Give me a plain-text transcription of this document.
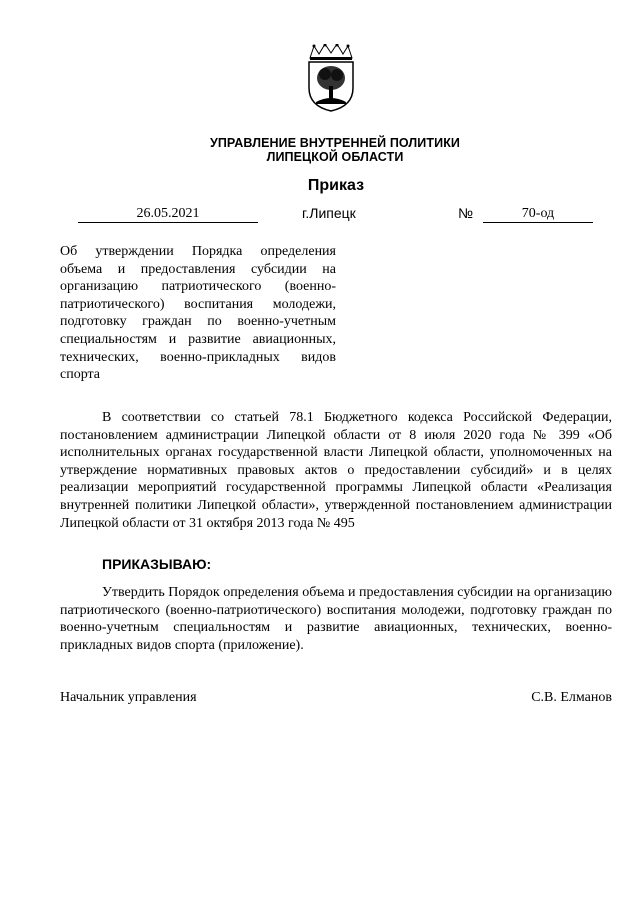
УПРАВЛЕНИЕ ВНУТРЕННЕЙ ПОЛИТИКИ
ЛИПЕЦКОЙ ОБЛАСТИ
Приказ
26.05.2021	г.Липецк	№	70-од
Об утверждении Порядка определения объема и предоставления субсидии на организацию патриотического (военно-патриотического) воспитания молодежи, подготовку граждан по военно-учетным специальностям и развитие авиационных, технических, военно-прикладных видов спорта

В соответствии со статьей 78.1 Бюджетного кодекса Российской Федерации, постановлением администрации Липецкой области от 8 июля 2020 года № 399 «Об исполнительных органах государственной власти Липецкой области, уполномоченных на утверждение нормативных правовых актов о предоставлении субсидий» и в целях реализации мероприятий государственной программы Липецкой области «Реализация внутренней политики Липецкой области», утвержденной постановлением администрации Липецкой области от 31 октября 2013 года № 495

ПРИКАЗЫВАЮ:

Утвердить Порядок определения объема и предоставления субсидии на организацию патриотического (военно-патриотического) воспитания молодежи, подготовку граждан по военно-учетным специальностям и развитие авиационных, технических, военно-прикладных видов спорта (приложение).

Начальник управления	С.В. Елманов
